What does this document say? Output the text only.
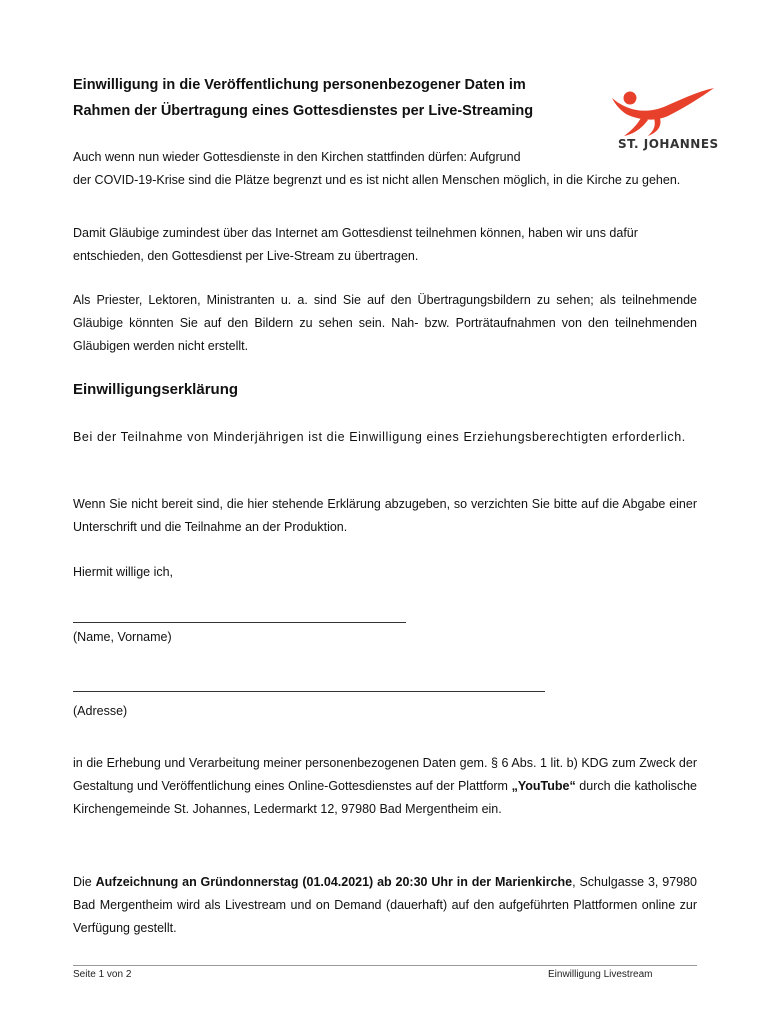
Einwilligung in die Veröffentlichung personenbezogener Daten im
Rahmen der Übertragung eines Gottesdienstes per Live-Streaming
ST. JOHANNES
Auch wenn nun wieder Gottesdienste in den Kirchen stattfinden dürfen: Aufgrund
der COVID-19-Krise sind die Plätze begrenzt und es ist nicht allen Menschen möglich, in die Kirche zu gehen.
Damit Gläubige zumindest über das Internet am Gottesdienst teilnehmen können, haben wir uns dafür entschieden, den Gottesdienst per Live-Stream zu übertragen.
Als Priester, Lektoren, Ministranten u. a. sind Sie auf den Übertragungsbildern zu sehen; als teilnehmende Gläubige könnten Sie auf den Bildern zu sehen sein. Nah- bzw. Porträtaufnahmen von den teilnehmenden Gläubigen werden nicht erstellt.
Einwilligungserklärung
Bei der Teilnahme von Minderjährigen ist die Einwilligung eines Erziehungsberechtigten erforderlich.
Wenn Sie nicht bereit sind, die hier stehende Erklärung abzugeben, so verzichten Sie bitte auf die Abgabe einer Unterschrift und die Teilnahme an der Produktion.
Hiermit willige ich,
(Name, Vorname)
(Adresse)
in die Erhebung und Verarbeitung meiner personenbezogenen Daten gem. § 6 Abs. 1 lit. b) KDG zum Zweck der Gestaltung und Veröffentlichung eines Online-Gottesdienstes auf der Plattform „YouTube“ durch die katholische Kirchengemeinde St. Johannes, Ledermarkt 12, 97980 Bad Mergentheim ein.
Die Aufzeichnung an Gründonnerstag (01.04.2021) ab 20:30 Uhr in der Marienkirche, Schulgasse 3, 97980 Bad Mergentheim wird als Livestream und on Demand (dauerhaft) auf den aufgeführten Plattformen online zur Verfügung gestellt.
Seite 1 von 2	Einwilligung Livestream
